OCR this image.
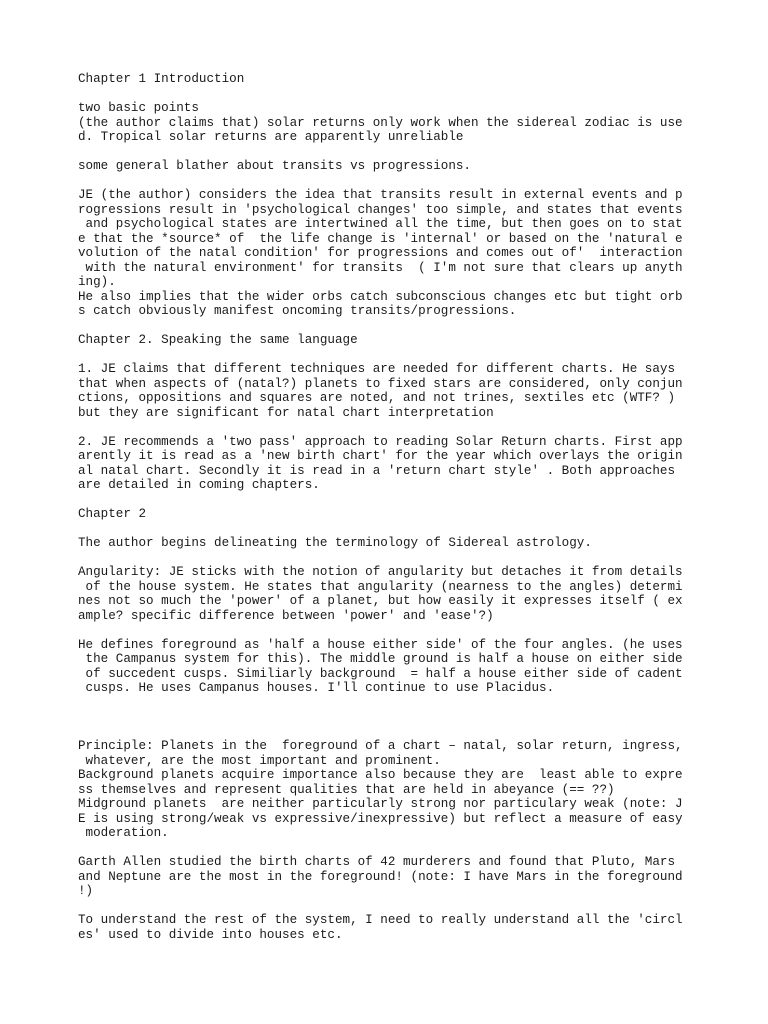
Chapter 1 Introduction
two basic points
(the author claims that) solar returns only work when the sidereal zodiac is use
d. Tropical solar returns are apparently unreliable
some general blather about transits vs progressions.
JE (the author) considers the idea that transits result in external events and p
rogressions result in 'psychological changes' too simple, and states that events
and psychological states are intertwined all the time, but then goes on to stat
e that the *source* of  the life change is 'internal' or based on the 'natural e
volution of the natal condition' for progressions and comes out of'  interaction
with the natural environment' for transits  ( I'm not sure that clears up anyth
ing).
He also implies that the wider orbs catch subconscious changes etc but tight orb
s catch obviously manifest oncoming transits/progressions.
Chapter 2. Speaking the same language
1. JE claims that different techniques are needed for different charts. He says
that when aspects of (natal?) planets to fixed stars are considered, only conjun
ctions, oppositions and squares are noted, and not trines, sextiles etc (WTF? )
but they are significant for natal chart interpretation
2. JE recommends a 'two pass' approach to reading Solar Return charts. First app
arently it is read as a 'new birth chart' for the year which overlays the origin
al natal chart. Secondly it is read in a 'return chart style' . Both approaches
are detailed in coming chapters.
Chapter 2
The author begins delineating the terminology of Sidereal astrology.
Angularity: JE sticks with the notion of angularity but detaches it from details
of the house system. He states that angularity (nearness to the angles) determi
nes not so much the 'power' of a planet, but how easily it expresses itself ( ex
ample? specific difference between 'power' and 'ease'?)
He defines foreground as 'half a house either side' of the four angles. (he uses
the Campanus system for this). The middle ground is half a house on either side
of succedent cusps. Similiarly background  = half a house either side of cadent
cusps. He uses Campanus houses. I'll continue to use Placidus.
Principle: Planets in the  foreground of a chart – natal, solar return, ingress,
whatever, are the most important and prominent.
Background planets acquire importance also because they are  least able to expre
ss themselves and represent qualities that are held in abeyance (== ??)
Midground planets  are neither particularly strong nor particulary weak (note: J
E is using strong/weak vs expressive/inexpressive) but reflect a measure of easy
moderation.
Garth Allen studied the birth charts of 42 murderers and found that Pluto, Mars
and Neptune are the most in the foreground! (note: I have Mars in the foreground
!)
To understand the rest of the system, I need to really understand all the 'circl
es' used to divide into houses etc.
